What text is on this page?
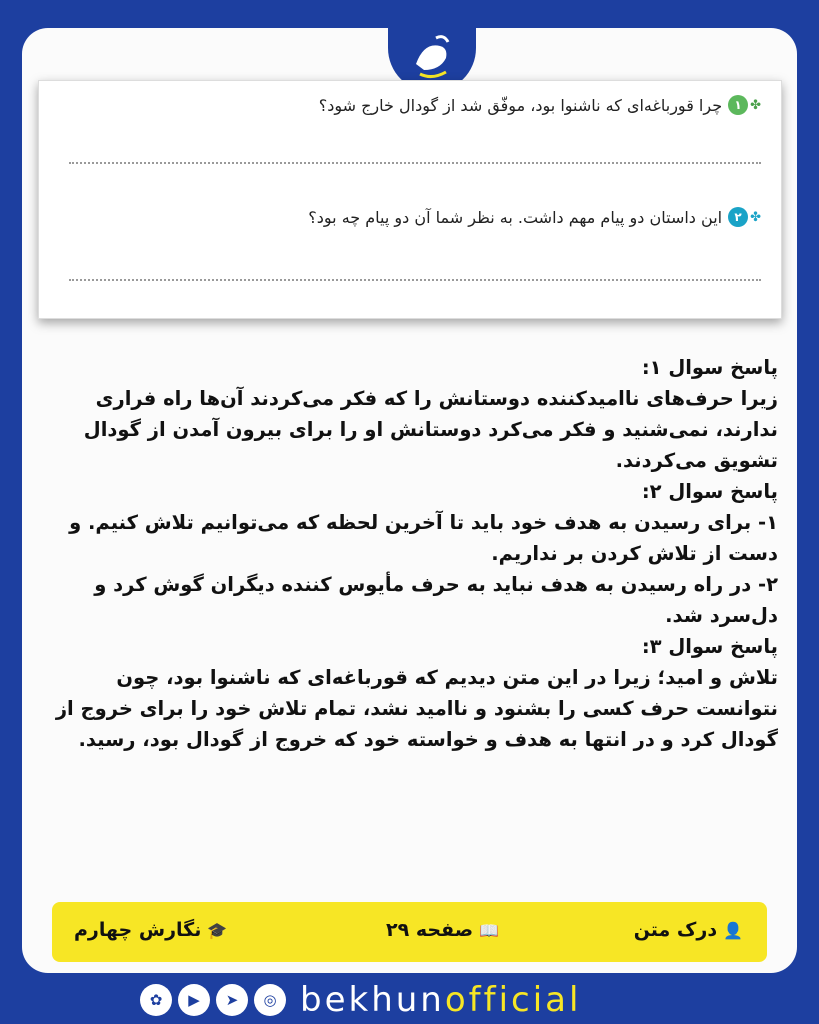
✤
۱
چرا قورباغه‌ای که ناشنوا بود، موفّق شد از گودال خارج شود؟
✤
۲
این داستان دو پیام مهم داشت. به نظر شما آن دو پیام چه بود؟

پاسخ سوال ۱:

زیرا حرف‌های ناامیدکننده دوستانش را که فکر می‌کردند آن‌ها راه فراری ندارند، نمی‌شنید و فکر می‌کرد دوستانش او را برای بیرون آمدن از گودال تشویق می‌کردند.

پاسخ سوال ۲:

۱- برای رسیدن به هدف خود باید تا آخرین لحظه که می‌توانیم تلاش کنیم. و دست از تلاش کردن بر نداریم.

۲- در راه رسیدن به هدف نباید به حرف مأیوس کننده دیگران گوش کرد و دل‌سرد شد.

پاسخ سوال ۳:

تلاش و امید؛ زیرا در این متن دیدیم که قورباغه‌ای که ناشنوا بود، چون نتوانست حرف کسی را بشنود و ناامید نشد، تمام تلاش خود را برای خروج از گودال کرد و در انتها به هدف و خواسته خود که خروج از گودال بود، رسید.

👤
درک متن
📖
صفحه ۲۹
🎓
نگارش چهارم
✿	▶	➤	◎ bekhunofficial
